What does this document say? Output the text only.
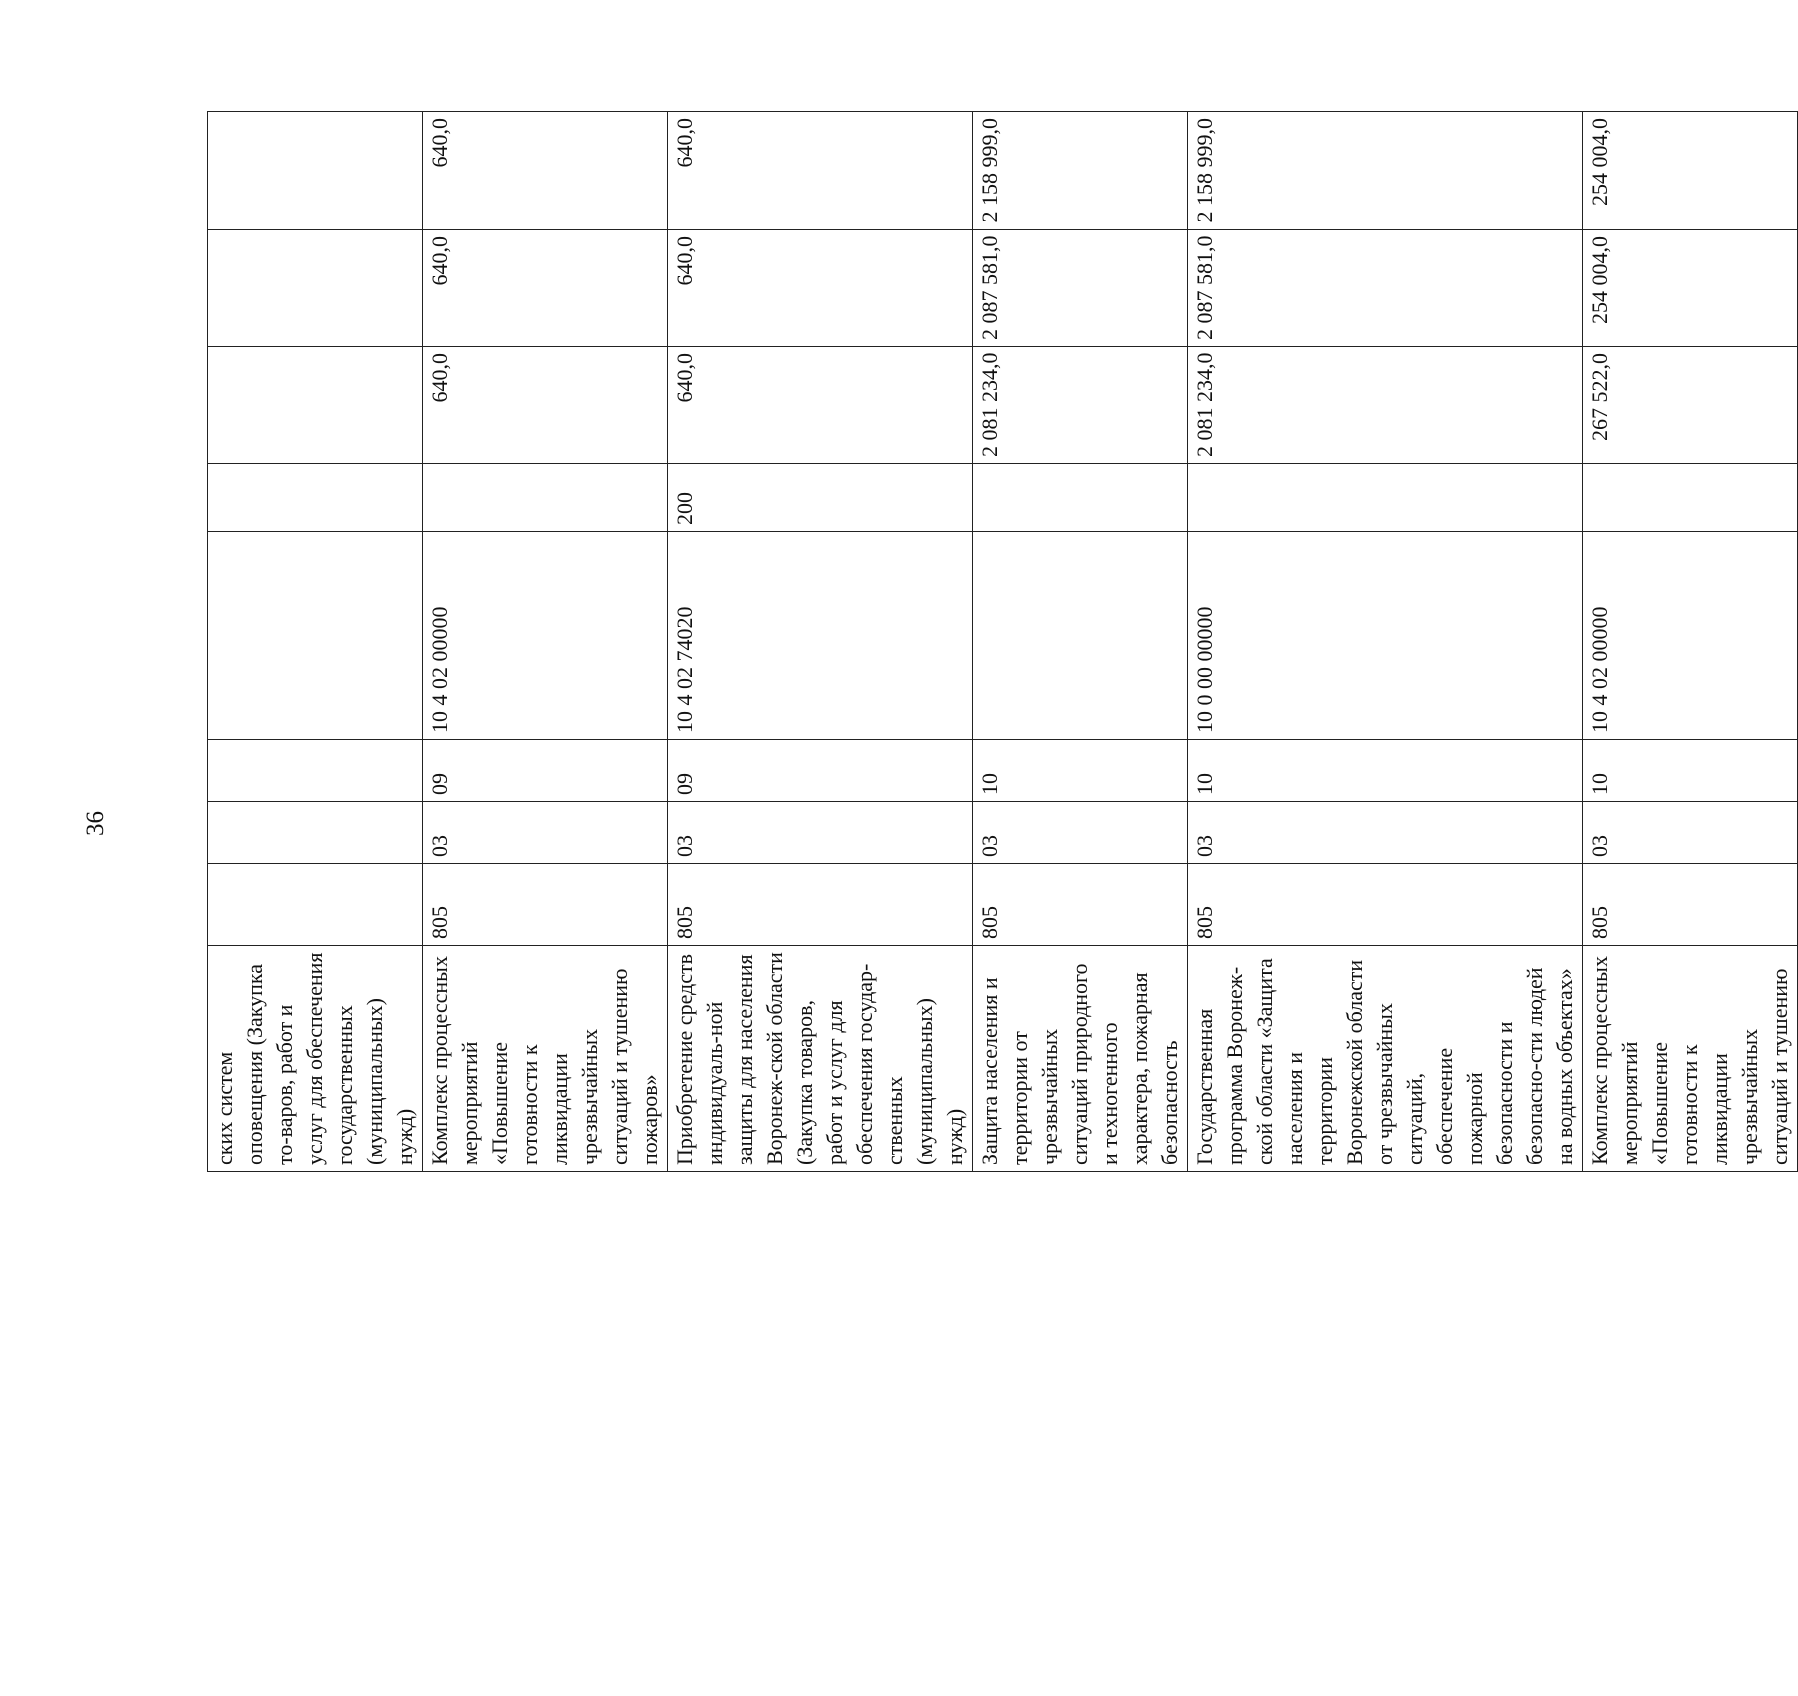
36
ских систем оповещения (Закупка то-варов, работ и услуг для обеспечения государственных (муниципальных) нужд)								
Комплекс процессных мероприятий «Повышение готовности к ликвидации чрезвычайных ситуаций и тушению пожаров»	805	03	09	10 4 02 00000		640,0	640,0	640,0
Приобретение средств индивидуаль-ной защиты для населения Воронеж-ской области (Закупка товаров, работ и услуг для обеспечения государ-ственных (муниципальных) нужд)	805	03	09	10 4 02 74020	200	640,0	640,0	640,0
Защита населения и территории от чрезвычайных ситуаций природного и техногенного характера, пожарная безопасность	805	03	10			2 081 234,0	2 087 581,0	2 158 999,0
Государственная программа Воронеж-ской области «Защита населения и территории Воронежской области от чрезвычайных ситуаций, обеспечение пожарной безопасности и безопасно-сти людей на водных объектах»	805	03	10	10 0 00 00000		2 081 234,0	2 087 581,0	2 158 999,0
Комплекс процессных мероприятий «Повышение готовности к ликвидации чрезвычайных ситуаций и тушению	805	03	10	10 4 02 00000		267 522,0	254 004,0	254 004,0
